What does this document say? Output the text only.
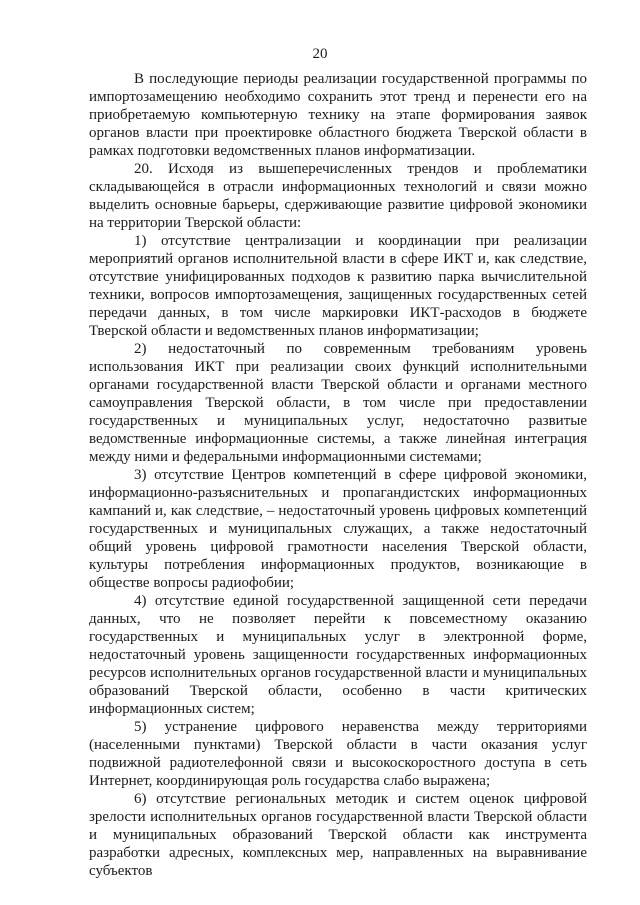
20

В последующие периоды реализации государственной программы по импортозамещению необходимо сохранить этот тренд и перенести его на приобретаемую компьютерную технику на этапе формирования заявок органов власти при проектировке областного бюджета Тверской области в рамках подготовки ведомственных планов информатизации.

20. Исходя из вышеперечисленных трендов и проблематики складывающейся в отрасли информационных технологий и связи можно выделить основные барьеры, сдерживающие развитие цифровой экономики на территории Тверской области:

1) отсутствие централизации и координации при реализации мероприятий органов исполнительной власти в сфере ИКТ и, как следствие, отсутствие унифицированных подходов к развитию парка вычислительной техники, вопросов импортозамещения, защищенных государственных сетей передачи данных, в том числе маркировки ИКТ-расходов в бюджете Тверской области и ведомственных планов информатизации;

2) недостаточный по современным требованиям уровень использования ИКТ при реализации своих функций исполнительными органами государственной власти Тверской области и органами местного самоуправления Тверской области, в том числе при предоставлении государственных и муниципальных услуг, недостаточно развитые ведомственные информационные системы, а также линейная интеграция между ними и федеральными информационными системами;

3) отсутствие Центров компетенций в сфере цифровой экономики, информационно-разъяснительных и пропагандистских информационных кампаний и, как следствие, – недостаточный уровень цифровых компетенций государственных и муниципальных служащих, а также недостаточный общий уровень цифровой грамотности населения Тверской области, культуры потребления информационных продуктов, возникающие в обществе вопросы радиофобии;

4) отсутствие единой государственной защищенной сети передачи данных, что не позволяет перейти к повсеместному оказанию государственных и муниципальных услуг в электронной форме, недостаточный уровень защищенности государственных информационных ресурсов исполнительных органов государственной власти и муниципальных образований Тверской области, особенно в части критических информационных систем;

5) устранение цифрового неравенства между территориями (населенными пунктами) Тверской области в части оказания услуг подвижной радиотелефонной связи и высокоскоростного доступа в сеть Интернет, координирующая роль государства слабо выражена;

6) отсутствие региональных методик и систем оценок цифровой зрелости исполнительных органов государственной власти Тверской области и муниципальных образований Тверской области как инструмента разработки адресных, комплексных мер, направленных на выравнивание субъектов
